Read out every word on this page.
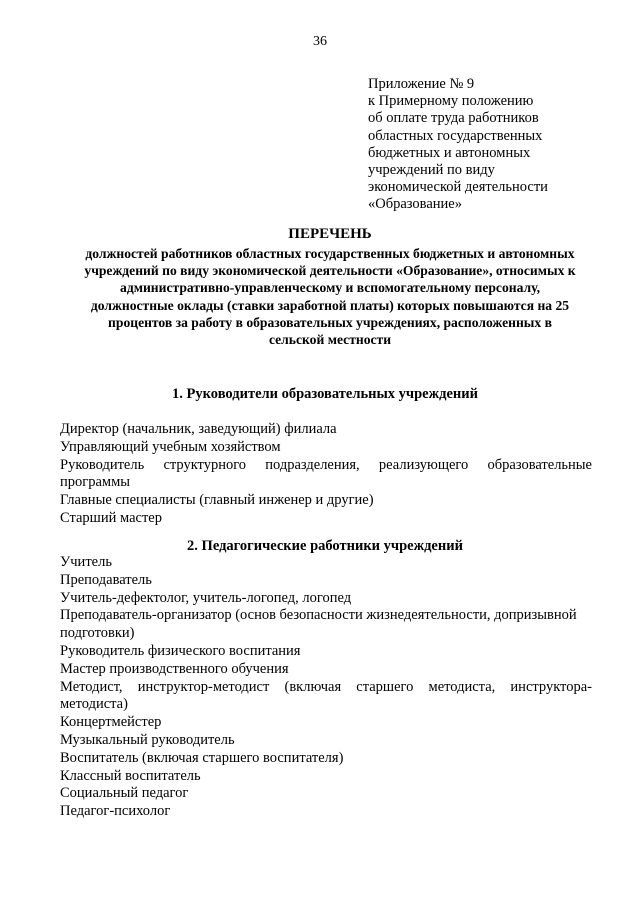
36
Приложение № 9
к Примерному положению
об оплате труда работников
областных государственных
бюджетных и автономных
учреждений по виду
экономической деятельности
«Образование»
ПЕРЕЧЕНЬ
должностей работников областных государственных бюджетных и автономных
учреждений по виду экономической деятельности «Образование», относимых к
административно-управленческому и вспомогательному персоналу,
должностные оклады (ставки заработной платы) которых повышаются на 25
процентов за работу в образовательных учреждениях, расположенных в
сельской местности
1. Руководители образовательных учреждений
Директор (начальник, заведующий) филиала
Управляющий учебным хозяйством
Руководитель структурного подразделения, реализующего образовательные
программы
Главные специалисты (главный инженер и другие)
Старший мастер
2. Педагогические работники учреждений
Учитель
Преподаватель
Учитель-дефектолог, учитель-логопед, логопед
Преподаватель-организатор (основ безопасности жизнедеятельности, допризывной
подготовки)
Руководитель физического воспитания
Мастер производственного обучения
Методист, инструктор-методист (включая старшего методиста, инструктора-
методиста)
Концертмейстер
Музыкальный руководитель
Воспитатель (включая старшего воспитателя)
Классный воспитатель
Социальный педагог
Педагог-психолог
